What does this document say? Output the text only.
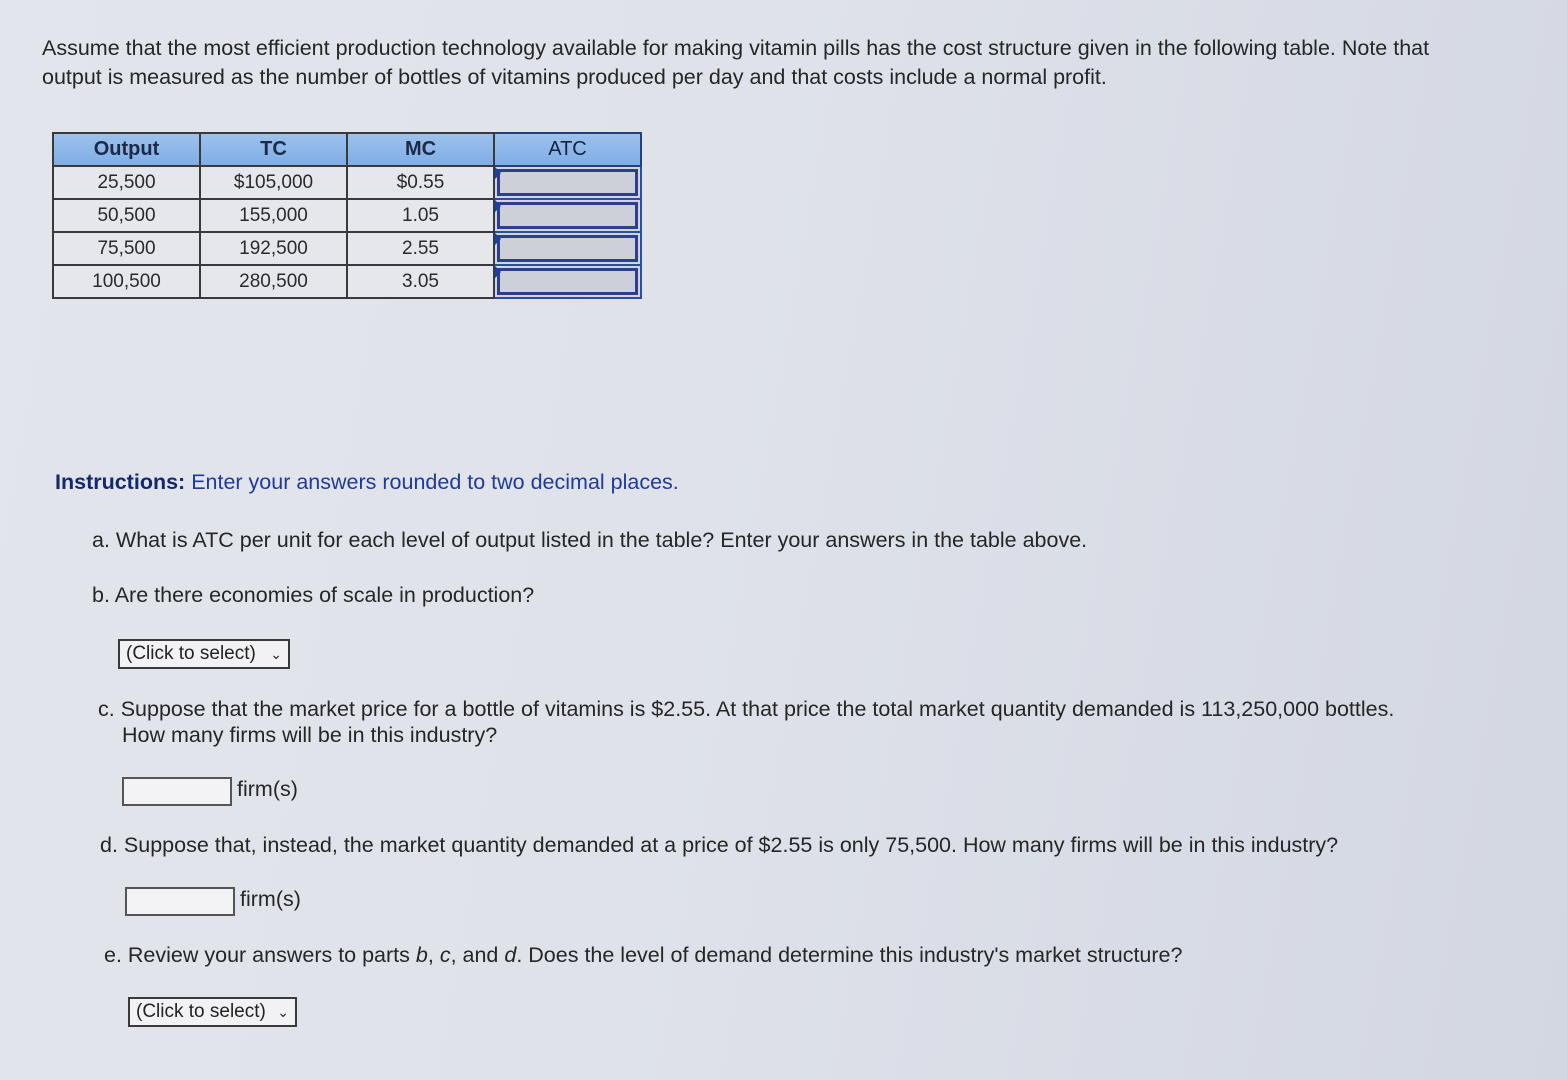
Assume that the most efficient production technology available for making vitamin pills has the cost structure given in the following table. Note that output is measured as the number of bottles of vitamins produced per day and that costs include a normal profit.
Output	TC	MC	ATC
25,500	$105,000	$0.55	

50,500	155,000	1.05	

75,500	192,500	2.55	

100,500	280,500	3.05	
Instructions: Enter your answers rounded to two decimal places.
a. What is ATC per unit for each level of output listed in the table? Enter your answers in the table above.
b. Are there economies of scale in production?
(Click to select) ⌄
c. Suppose that the market price for a bottle of vitamins is $2.55. At that price the total market quantity demanded is 113,250,000 bottles. How many firms will be in this industry?
firm(s)
d. Suppose that, instead, the market quantity demanded at a price of $2.55 is only 75,500. How many firms will be in this industry?
firm(s)
e. Review your answers to parts b, c, and d. Does the level of demand determine this industry's market structure?
(Click to select) ⌄
